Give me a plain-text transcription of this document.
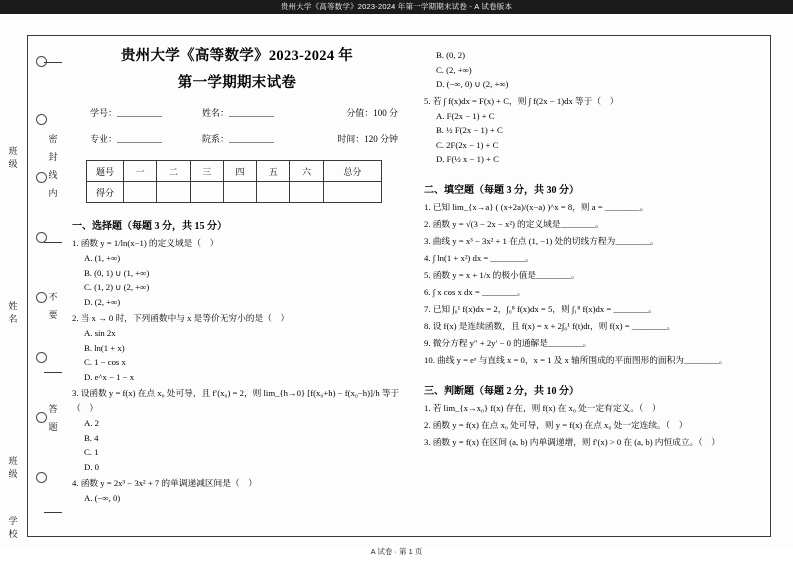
贵州大学《高等数学》2023-2024 年第一学期期末试卷 - A 试卷版本
密
封
线
内
不
要
答
题
班级
姓名
班级
学校
贵州大学《高等数学》2023-2024 年
第一学期期末试卷
学号：__________	姓名：__________	分值：100 分
专业：__________	院系：__________	时间：120 分钟
题号	一	二	三	四	五	六	总分
得分							
一、选择题（每题 3 分，共 15 分）
1. 函数 y = 1/ln(x−1) 的定义域是（　）
A. (1, +∞)
B. (0, 1) ∪ (1, +∞)
C. (1, 2) ∪ (2, +∞)
D. (2, +∞)
2. 当 x → 0 时，下列函数中与 x 是等价无穷小的是（　）
A. sin 2x
B. ln(1 + x)
C. 1 − cos x
D. e^x − 1 − x
3. 设函数 y = f(x) 在点 x₀ 处可导，且 f′(x₀) = 2，则 lim_{h→0} [f(x₀+h) − f(x₀−h)]/h 等于（　）
A. 2
B. 4
C. 1
D. 0
4. 函数 y = 2x³ − 3x² + 7 的单调递减区间是（　）
A. (−∞, 0)
B. (0, 2)
C. (2, +∞)
D. (−∞, 0) ∪ (2, +∞)
5. 若 ∫ f(x)dx = F(x) + C，则 ∫ f(2x − 1)dx 等于（　）
A. F(2x − 1) + C
B. ½ F(2x − 1) + C
C. 2F(2x − 1) + C
D. F(½ x − 1) + C
二、填空题（每题 3 分，共 30 分）
1. 已知 lim_{x→a} ( (x+2a)/(x−a) )^x = 8，则 a = ________。
2. 函数 y = √(3 − 2x − x²) 的定义域是________。
3. 曲线 y = x³ − 3x² + 1 在点 (1, −1) 处的切线方程为________。
4. ∫ ln(1 + x²) dx = ________。
5. 函数 y = x + 1/x 的极小值是________。
6. ∫ x cos x dx = ________。
7. 已知 ∫₀¹ f(x)dx = 2，∫₀⁸ f(x)dx = 5，则 ∫₁⁸ f(x)dx = ________。
8. 设 f(x) 是连续函数，且 f(x) = x + 2∫₀¹ f(t)dt，则 f(x) = ________。
9. 微分方程 y″ + 2y′ − 0 的通解是________。
10. 曲线 y = eˣ 与直线 x = 0，x = 1 及 x 轴所围成的平面图形的面积为________。
三、判断题（每题 2 分，共 10 分）
1. 若 lim_{x→x₀} f(x) 存在，则 f(x) 在 x₀ 处一定有定义。（　）
2. 函数 y = f(x) 在点 x₀ 处可导，则 y = f(x) 在点 x₀ 处一定连续。（　）
3. 函数 y = f(x) 在区间 (a, b) 内单调递增，则 f′(x) > 0 在 (a, b) 内恒成立。（　）
A 试卷 · 第 1 页
